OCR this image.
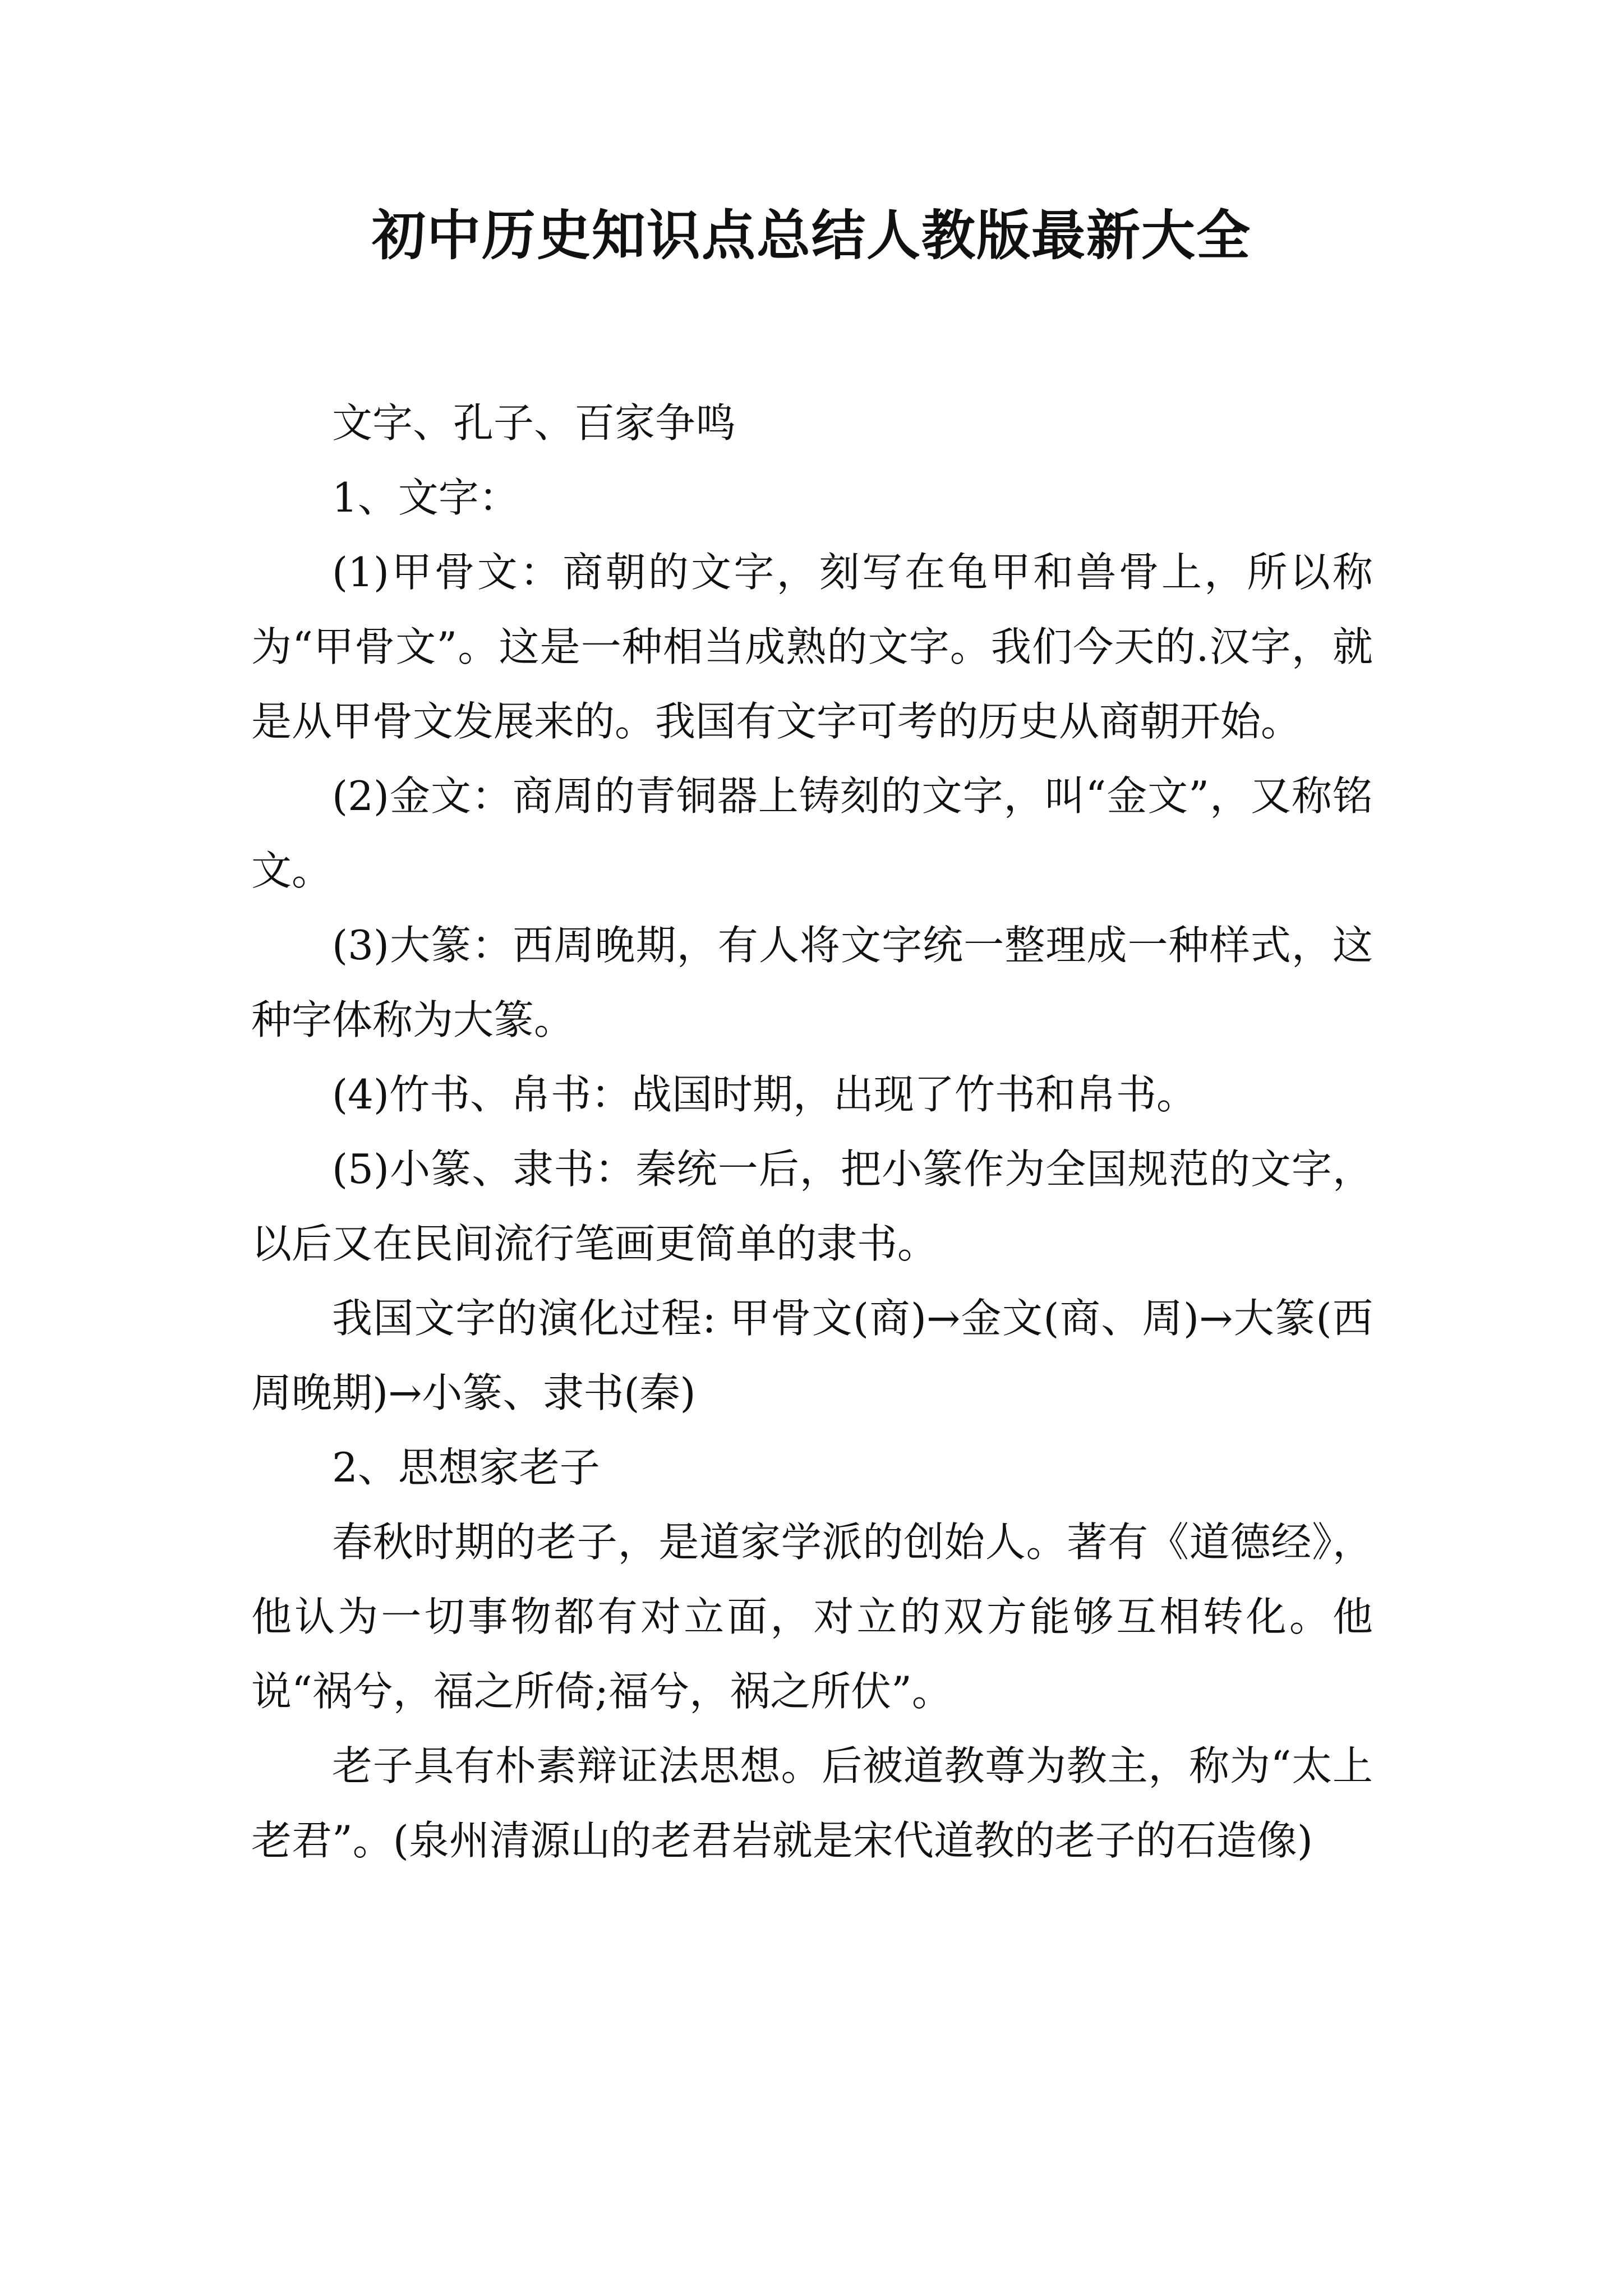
初中历史知识点总结人教版最新大全

文字、孔子、百家争鸣

1、文字：

(1)甲骨文：商朝的文字，刻写在龟甲和兽骨上，所以称为“甲骨文”。这是一种相当成熟的文字。我们今天的.汉字，就是从甲骨文发展来的。我国有文字可考的历史从商朝开始。

(2)金文：商周的青铜器上铸刻的文字，叫“金文”，又称铭文。

(3)大篆：西周晚期，有人将文字统一整理成一种样式，这种字体称为大篆。

(4)竹书、帛书：战国时期，出现了竹书和帛书。

(5)小篆、隶书：秦统一后，把小篆作为全国规范的文字，以后又在民间流行笔画更简单的隶书。

我国文字的演化过程: 甲骨文(商)→金文(商、周)→大篆(西周晚期)→小篆、隶书(秦)

2、思想家老子

春秋时期的老子，是道家学派的创始人。著有《道德经》，他认为一切事物都有对立面，对立的双方能够互相转化。他说“祸兮，福之所倚;福兮，祸之所伏”。

老子具有朴素辩证法思想。后被道教尊为教主，称为“太上老君”。(泉州清源山的老君岩就是宋代道教的老子的石造像)
